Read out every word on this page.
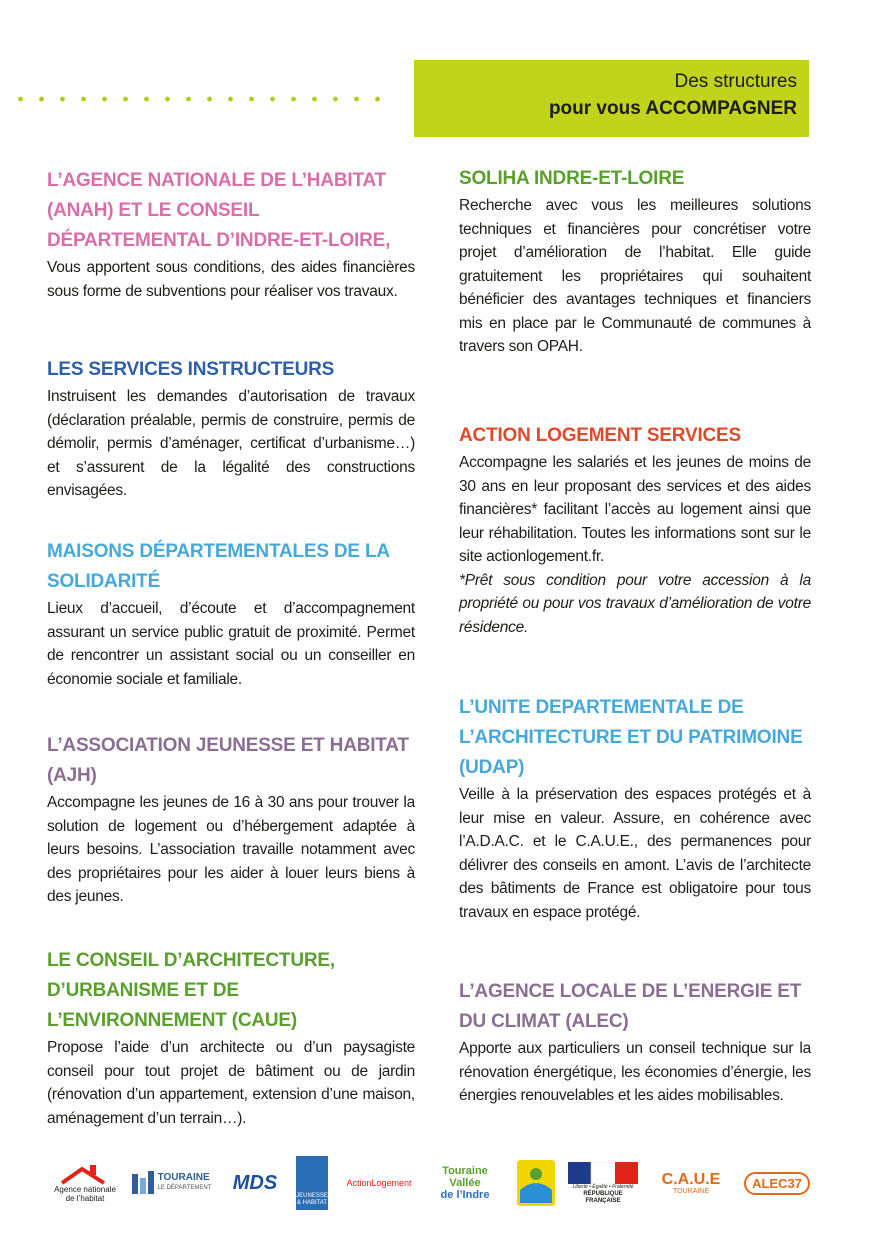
Des structures
pour vous ACCOMPAGNER
L’AGENCE NATIONALE DE L’HABITAT (ANAH) ET LE CONSEIL DÉPARTEMENTAL D’INDRE-ET-LOIRE,

Vous apportent sous conditions, des aides financières sous forme de subventions pour réaliser vos travaux.

LES SERVICES INSTRUCTEURS

Instruisent les demandes d’autorisation de travaux (déclaration préalable, permis de construire, permis de démolir, permis d’aménager, certificat d’urbanisme…) et s’assurent de la légalité des constructions envisagées.

MAISONS DÉPARTEMENTALES DE LA SOLIDARITÉ

Lieux d’accueil, d’écoute et d’accompagnement assurant un service public gratuit de proximité. Permet de rencontrer un assistant social ou un conseiller en économie sociale et familiale.

L’ASSOCIATION JEUNESSE ET HABITAT (AJH)

Accompagne les jeunes de 16 à 30 ans pour trouver la solution de logement ou d’hébergement adaptée à leurs besoins. L’association travaille notamment avec des propriétaires pour les aider à louer leurs biens à des jeunes.

LE CONSEIL D’ARCHITECTURE, D’URBANISME ET DE L’ENVIRONNEMENT (CAUE)

Propose l’aide d’un architecte ou d’un paysagiste conseil pour tout projet de bâtiment ou de jardin (rénovation d’un appartement, extension d’une maison, aménagement d’un terrain…).

SOLIHA INDRE-ET-LOIRE

Recherche avec vous les meilleures solutions techniques et financières pour concrétiser votre projet d’amélioration de l’habitat. Elle guide gratuitement les propriétaires qui souhaitent bénéficier des avantages techniques et financiers mis en place par le Communauté de communes à travers son OPAH.

ACTION LOGEMENT SERVICES

Accompagne les salariés et les jeunes de moins de 30 ans en leur proposant des services et des aides financières* facilitant l’accès au logement ainsi que leur réhabilitation. Toutes les informations sont sur le site actionlogement.fr.

*Prêt sous condition pour votre accession à la propriété ou pour vos travaux d’amélioration de votre résidence.

L’UNITE DEPARTEMENTALE DE L’ARCHITECTURE ET DU PATRIMOINE (UDAP)

Veille à la préservation des espaces protégés et à leur mise en valeur. Assure, en cohérence avec l’A.D.A.C. et le C.A.U.E., des permanences pour délivrer des conseils en amont. L’avis de l’architecte des bâtiments de France est obligatoire pour tous travaux en espace protégé.

L’AGENCE LOCALE DE L’ENERGIE ET DU CLIMAT (ALEC)

Apporte aux particuliers un conseil technique sur la rénovation énergétique, les économies d’énergie, les énergies renouvelables et les aides mobilisables.

Agence nationale de l’habitat
TOURAINE
LE DÉPARTEMENT MDS
JEUNESSE & HABITAT
ActionLogement
Touraine Vallée
de l’Indre
Liberté • Égalité • Fraternité
RÉPUBLIQUE FRANÇAISE
C.A.U.E
TOURAINE
ALEC37
